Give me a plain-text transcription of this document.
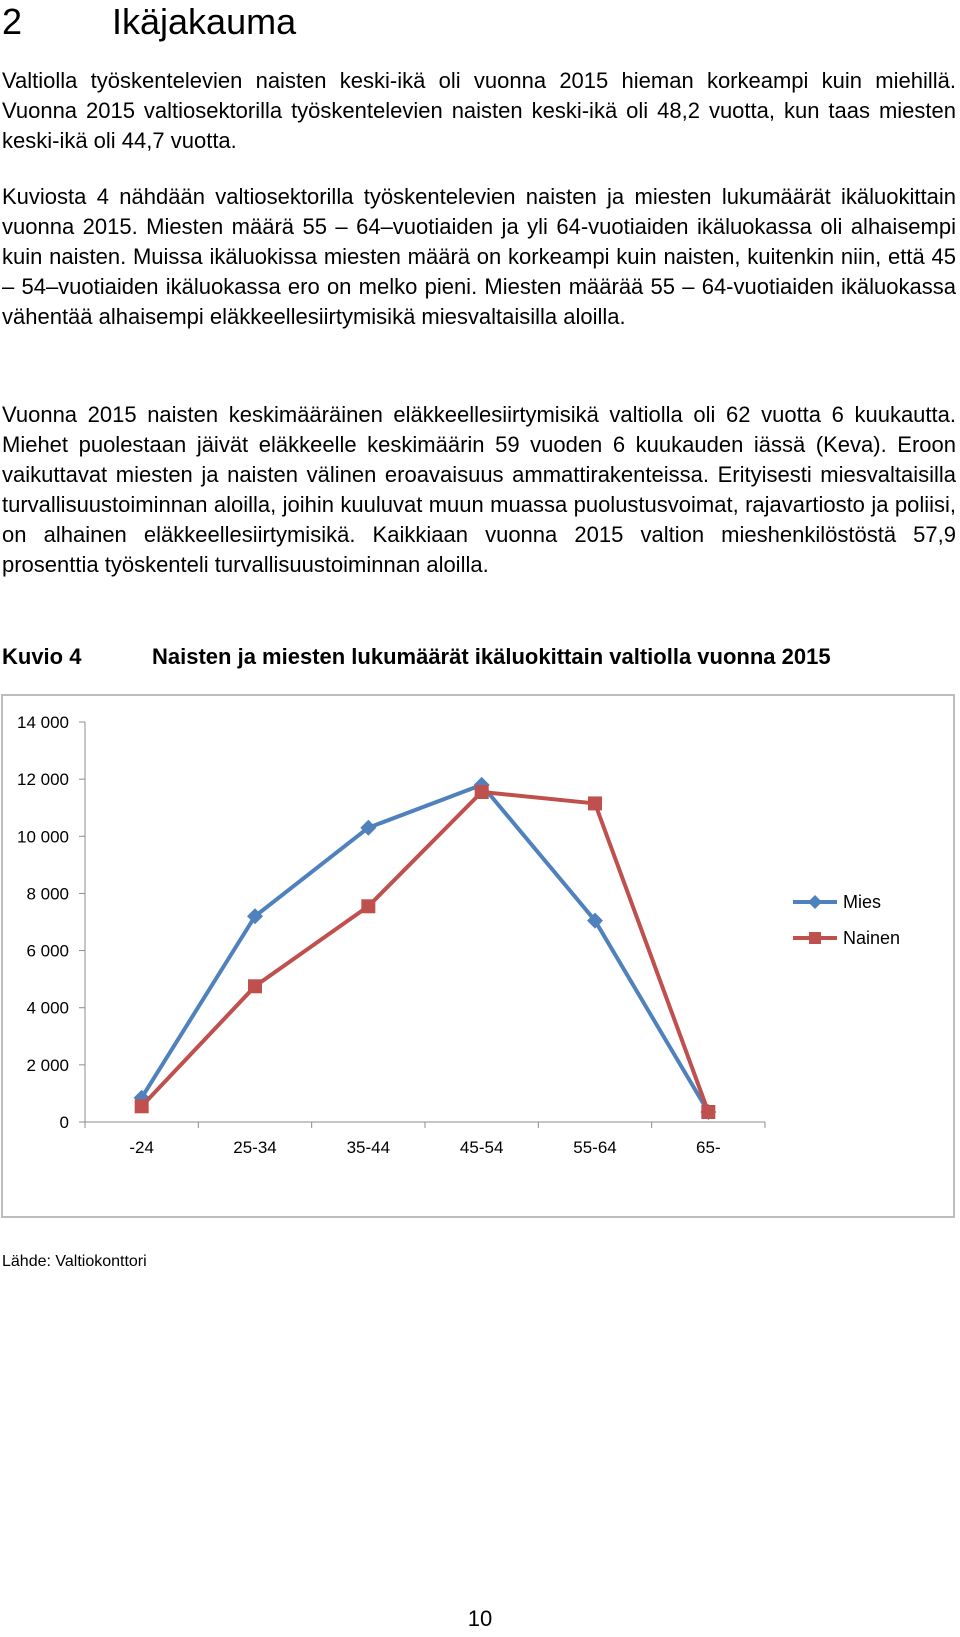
2 Ikäjakauma

Valtiolla työskentelevien naisten keski-ikä oli vuonna 2015 hieman korkeampi kuin miehillä. Vuonna 2015 valtiosektorilla työskentelevien naisten keski-ikä oli 48,2 vuotta, kun taas miesten keski-ikä oli 44,7 vuotta.

Kuviosta 4 nähdään valtiosektorilla työskentelevien naisten ja miesten lukumäärät ikäluokittain vuonna 2015. Miesten määrä 55 – 64–vuotiaiden ja yli 64-vuotiaiden ikäluokassa oli alhaisempi kuin naisten. Muissa ikäluokissa miesten määrä on korkeampi kuin naisten, kuitenkin niin, että 45 – 54–vuotiaiden ikäluokassa ero on melko pieni. Miesten määrää 55 – 64-vuotiaiden ikäluokassa vähentää alhaisempi eläkkeellesiirtymisikä miesvaltaisilla aloilla.

Vuonna 2015 naisten keskimääräinen eläkkeellesiirtymisikä valtiolla oli 62 vuotta 6 kuukautta. Miehet puolestaan jäivät eläkkeelle keskimäärin 59 vuoden 6 kuukauden iässä (Keva). Eroon vaikuttavat miesten ja naisten välinen eroavaisuus ammattirakenteissa. Erityisesti miesvaltaisilla turvallisuustoiminnan aloilla, joihin kuuluvat muun muassa puolustusvoimat, rajavartiosto ja poliisi, on alhainen eläkkeellesiirtymisikä. Kaikkiaan vuonna 2015 valtion mieshenkilöstöstä 57,9 prosenttia työskenteli turvallisuustoiminnan aloilla.

Kuvio 4	Naisten ja miesten lukumäärät ikäluokittain valtiolla vuonna 2015
0
2 000
4 000
6 000
8 000
10 000
12 000
14 000
-24	25-34	35-44	45-54	55-64	65-
Mies
Nainen
Lähde: Valtiokonttori
10
